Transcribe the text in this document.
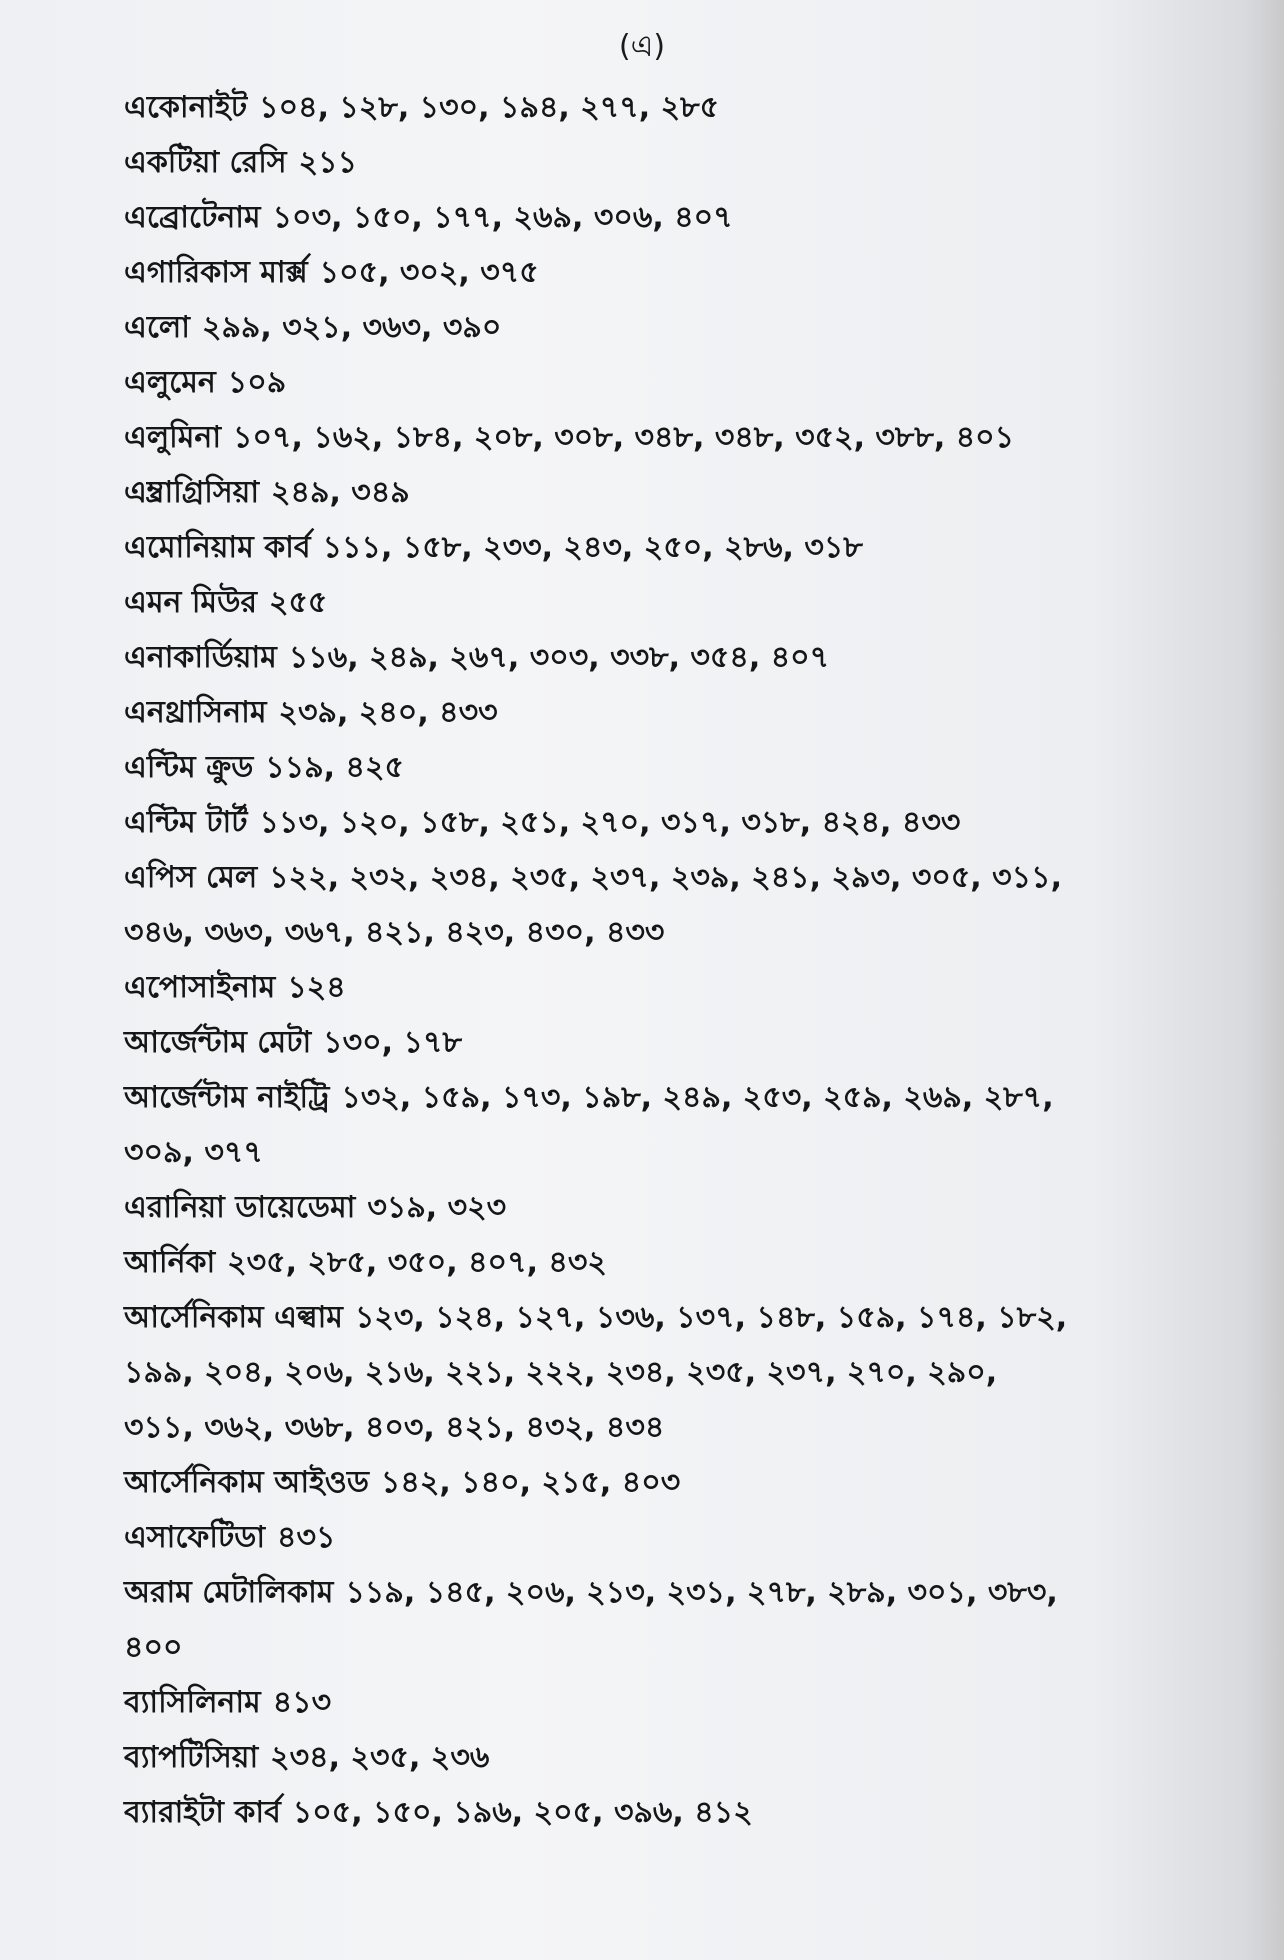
(এ)
একোনাইট ১০৪, ১২৮, ১৩০, ১৯৪, ২৭৭, ২৮৫
একটিয়া রেসি ২১১
এব্রোটেনাম ১০৩, ১৫০, ১৭৭, ২৬৯, ৩০৬, ৪০৭
এগারিকাস মার্ক্স ১০৫, ৩০২, ৩৭৫
এলো ২৯৯, ৩২১, ৩৬৩, ৩৯০
এলুমেন ১০৯
এলুমিনা ১০৭, ১৬২, ১৮৪, ২০৮, ৩০৮, ৩৪৮, ৩৪৮, ৩৫২, ৩৮৮, ৪০১
এম্ব্রাগ্রিসিয়া ২৪৯, ৩৪৯
এমোনিয়াম কার্ব ১১১, ১৫৮, ২৩৩, ২৪৩, ২৫০, ২৮৬, ৩১৮
এমন মিউর ২৫৫
এনাকার্ডিয়াম ১১৬, ২৪৯, ২৬৭, ৩০৩, ৩৩৮, ৩৫৪, ৪০৭
এনথ্রাসিনাম ২৩৯, ২৪০, ৪৩৩
এন্টিম ক্রুড ১১৯, ৪২৫
এন্টিম টার্ট ১১৩, ১২০, ১৫৮, ২৫১, ২৭০, ৩১৭, ৩১৮, ৪২৪, ৪৩৩
এপিস মেল ১২২, ২৩২, ২৩৪, ২৩৫, ২৩৭, ২৩৯, ২৪১, ২৯৩, ৩০৫, ৩১১,
৩৪৬, ৩৬৩, ৩৬৭, ৪২১, ৪২৩, ৪৩০, ৪৩৩
এপোসাইনাম ১২৪
আর্জেন্টাম মেটা ১৩০, ১৭৮
আর্জেন্টাম নাইট্রি ১৩২, ১৫৯, ১৭৩, ১৯৮, ২৪৯, ২৫৩, ২৫৯, ২৬৯, ২৮৭,
৩০৯, ৩৭৭
এরানিয়া ডায়েডেমা ৩১৯, ৩২৩
আর্নিকা ২৩৫, ২৮৫, ৩৫০, ৪০৭, ৪৩২
আর্সেনিকাম এল্বাম ১২৩, ১২৪, ১২৭, ১৩৬, ১৩৭, ১৪৮, ১৫৯, ১৭৪, ১৮২,
১৯৯, ২০৪, ২০৬, ২১৬, ২২১, ২২২, ২৩৪, ২৩৫, ২৩৭, ২৭০, ২৯০,
৩১১, ৩৬২, ৩৬৮, ৪০৩, ৪২১, ৪৩২, ৪৩৪
আর্সেনিকাম আইওড ১৪২, ১৪০, ২১৫, ৪০৩
এসাফেটিডা ৪৩১
অরাম মেটালিকাম ১১৯, ১৪৫, ২০৬, ২১৩, ২৩১, ২৭৮, ২৮৯, ৩০১, ৩৮৩,
৪০০
ব্যাসিলিনাম ৪১৩
ব্যাপটিসিয়া ২৩৪, ২৩৫, ২৩৬
ব্যারাইটা কার্ব ১০৫, ১৫০, ১৯৬, ২০৫, ৩৯৬, ৪১২
